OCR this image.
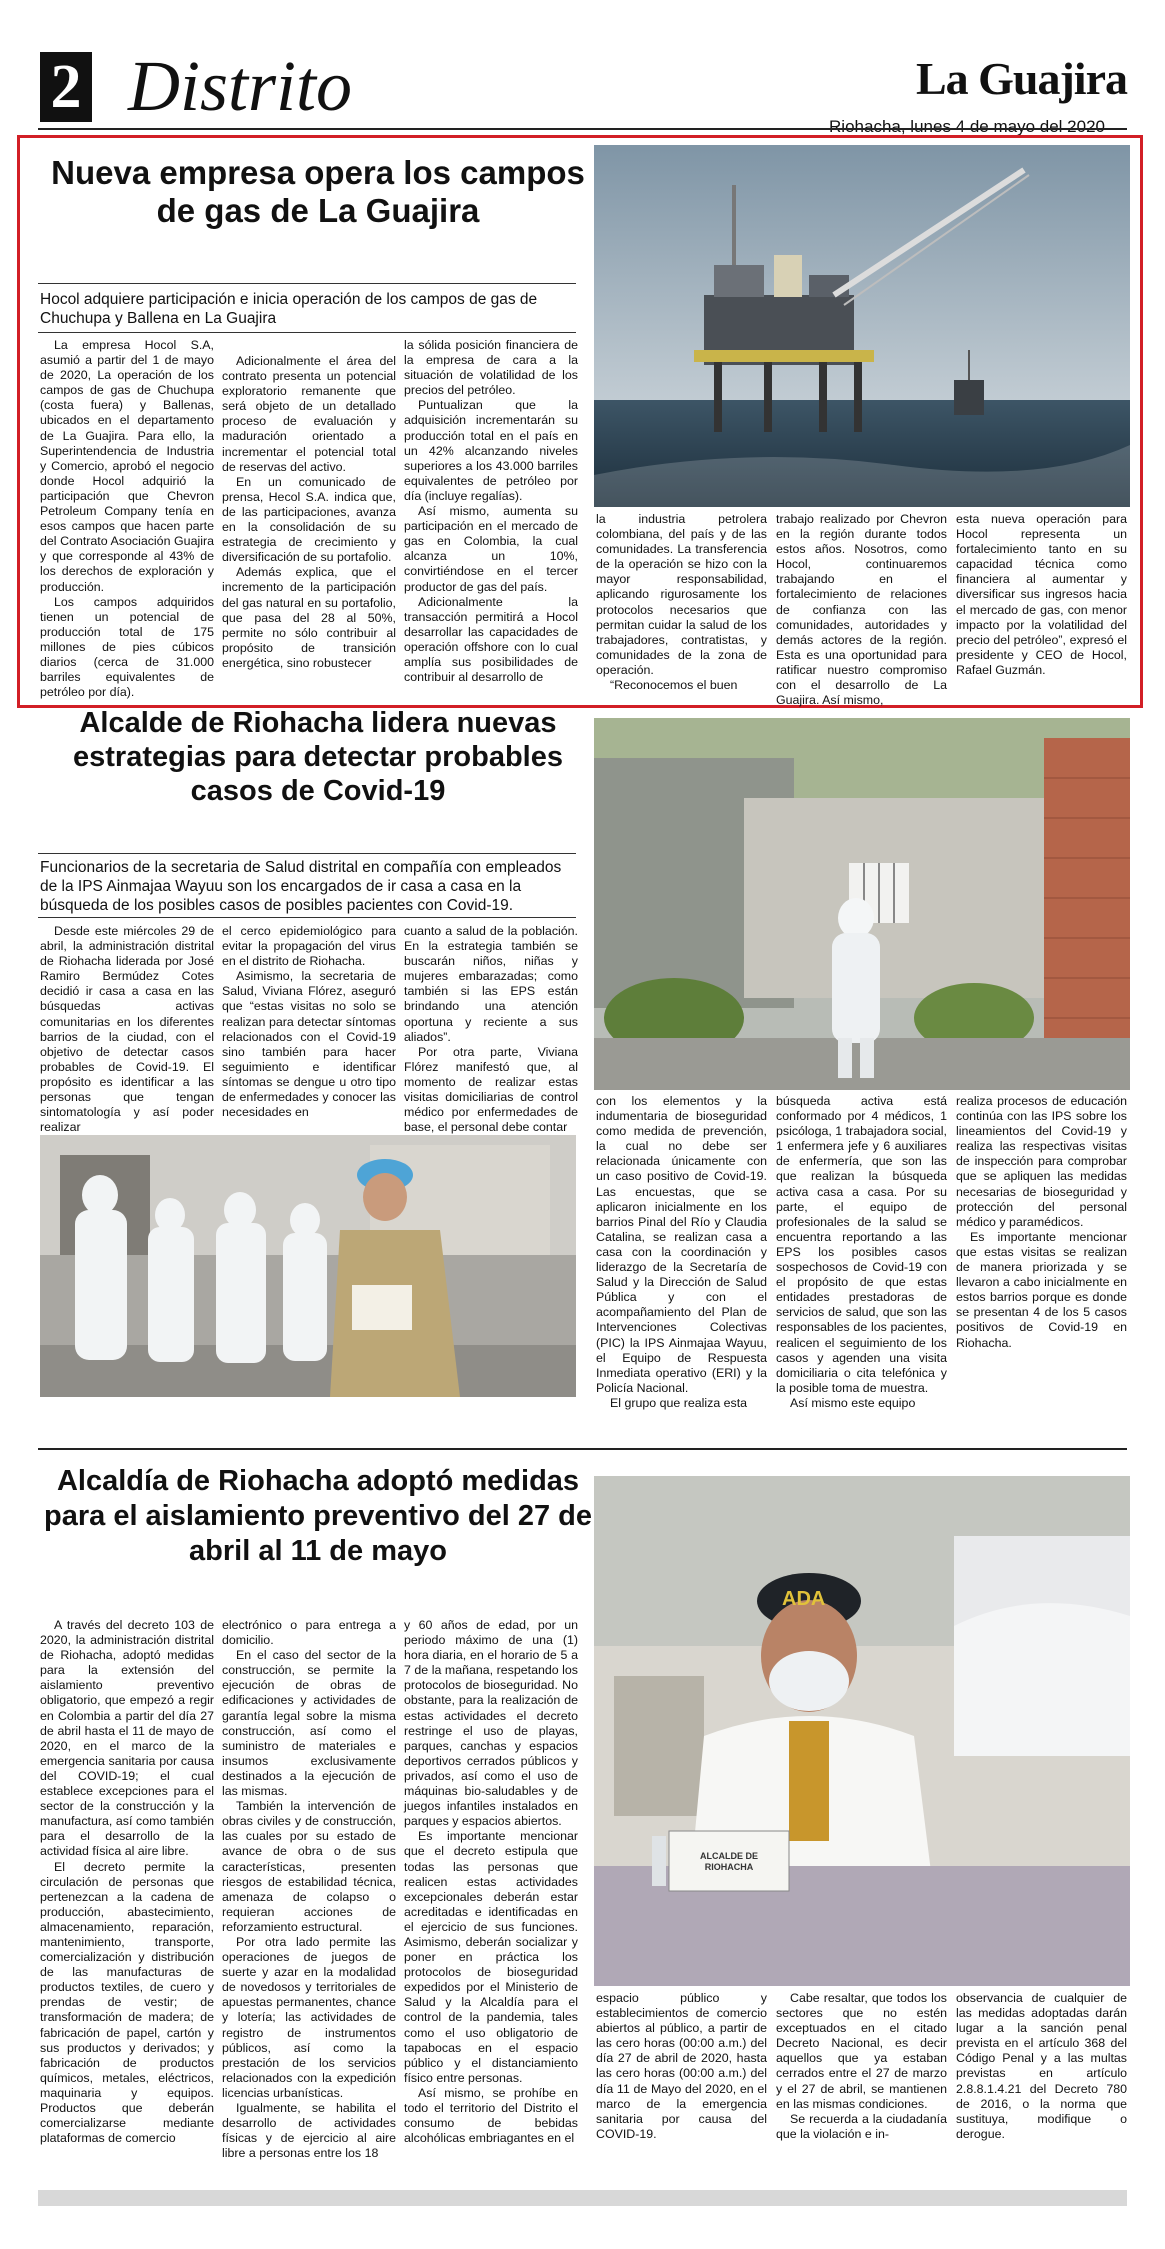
2 Distrito	La Guajira
Riohacha, lunes 4 de mayo del 2020
Nueva empresa opera los campos de gas de La Guajira

Hocol adquiere participación e inicia operación de los campos de gas de Chuchupa y Ballena en La Guajira

La empresa Hocol S.A, asumió a partir del 1 de mayo de 2020, La operación de los campos de gas de Chuchupa (costa fuera) y Ballenas, ubicados en el departamento de La Guajira. Para ello, la Superintendencia de Industria y Comercio, aprobó el negocio donde Hocol adquirió la participación que Chevron Petroleum Company tenía en esos campos que hacen parte del Contrato Asociación Guajira y que corresponde al 43% de los derechos de exploración y producción.

Los campos adquiridos tienen un potencial de producción total de 175 millones de pies cúbicos diarios (cerca de 31.000 barriles equivalentes de petróleo por día).

Adicionalmente el área del contrato presenta un potencial exploratorio remanente que será objeto de un detallado proceso de evaluación y maduración orientado a incrementar el potencial total de reservas del activo.

En un comunicado de prensa, Hecol S.A. indica que, de las participaciones, avanza en la consolidación de su estrategia de crecimiento y diversificación de su portafolio.

Además explica, que el incremento de la participación del gas natural en su portafolio, que pasa del 28 al 50%, permite no sólo contribuir al propósito de transición energética, sino robustecer

la sólida posición financiera de la empresa de cara a la situación de volatilidad de los precios del petróleo.

Puntualizan que la adquisición incrementarán su producción total en el país en un 42% alcanzando niveles superiores a los 43.000 barriles equivalentes de petróleo por día (incluye regalías).

Así mismo, aumenta su participación en el mercado de gas en Colombia, la cual alcanza un 10%, convirtiéndose en el tercer productor de gas del país.

Adicionalmente la transacción permitirá a Hocol desarrollar las capacidades de operación offshore con lo cual amplía sus posibilidades de contribuir al desarrollo de

la industria petrolera colombiana, del país y de las comunidades. La transferencia de la operación se hizo con la mayor responsabilidad, aplicando rigurosamente los protocolos necesarios que permitan cuidar la salud de los trabajadores, contratistas, y comunidades de la zona de operación.

“Reconocemos el buen

trabajo realizado por Chevron en la región durante todos estos años. Nosotros, como Hocol, continuaremos trabajando en el fortalecimiento de relaciones de confianza con las comunidades, autoridades y demás actores de la región. Esta es una oportunidad para ratificar nuestro compromiso con el desarrollo de La Guajira. Así mismo,

esta nueva operación para Hocol representa un fortalecimiento tanto en su capacidad técnica como financiera al aumentar y diversificar sus ingresos hacia el mercado de gas, con menor impacto por la volatilidad del precio del petróleo”, expresó el presidente y CEO de Hocol, Rafael Guzmán.

Alcalde de Riohacha lidera nuevas estrategias para detectar probables casos de Covid-19

Funcionarios de la secretaria de Salud distrital en compañía con empleados de la IPS Ainmajaa Wayuu son los encargados de ir casa a casa en la búsqueda de los posibles casos de posibles pacientes con Covid-19.

Desde este miércoles 29 de abril, la administración distrital de Riohacha liderada por José Ramiro Bermúdez Cotes decidió ir casa a casa en las búsquedas activas comunitarias en los diferentes barrios de la ciudad, con el objetivo de detectar casos probables de Covid-19. El propósito es identificar a las personas que tengan sintomatología y así poder realizar

el cerco epidemiológico para evitar la propagación del virus en el distrito de Riohacha.

Asimismo, la secretaria de Salud, Viviana Flórez, aseguró que “estas visitas no solo se realizan para detectar síntomas relacionados con el Covid-19 sino también para hacer seguimiento e identificar síntomas se dengue u otro tipo de enfermedades y conocer las necesidades en

cuanto a salud de la población. En la estrategia también se buscarán niños, niñas y mujeres embarazadas; como también si las EPS están brindando una atención oportuna y reciente a sus aliados”.

Por otra parte, Viviana Flórez manifestó que, al momento de realizar estas visitas domiciliarias de control médico por enfermedades de base, el personal debe contar

con los elementos y la indumentaria de bioseguridad como medida de prevención, la cual no debe ser relacionada únicamente con un caso positivo de Covid-19. Las encuestas, que se aplicaron inicialmente en los barrios Pinal del Río y Claudia Catalina, se realizan casa a casa con la coordinación y liderazgo de la Secretaría de Salud y la Dirección de Salud Pública y con el acompañamiento del Plan de Intervenciones Colectivas (PIC) la IPS Ainmajaa Wayuu, el Equipo de Respuesta Inmediata operativo (ERI) y la Policía Nacional.

El grupo que realiza esta

búsqueda activa está conformado por 4 médicos, 1 psicóloga, 1 trabajadora social, 1 enfermera jefe y 6 auxiliares de enfermería, que son las que realizan la búsqueda activa casa a casa. Por su parte, el equipo de profesionales de la salud se encuentra reportando a las EPS los posibles casos sospechosos de Covid-19 con el propósito de que estas entidades prestadoras de servicios de salud, que son las responsables de los pacientes, realicen el seguimiento de los casos y agenden una visita domiciliaria o cita telefónica y la posible toma de muestra.

Así mismo este equipo

realiza procesos de educación continúa con las IPS sobre los lineamientos del Covid-19 y realiza las respectivas visitas de inspección para comprobar que se apliquen las medidas necesarias de bioseguridad y protección del personal médico y paramédicos.

Es importante mencionar que estas visitas se realizan de manera priorizada y se llevaron a cabo inicialmente en estos barrios porque es donde se presentan 4 de los 5 casos positivos de Covid-19 en Riohacha.

Alcaldía de Riohacha adoptó medidas para el aislamiento preventivo del 27 de abril al 11 de mayo

A través del decreto 103 de 2020, la administración distrital de Riohacha, adoptó medidas para la extensión del aislamiento preventivo obligatorio, que empezó a regir en Colombia a partir del día 27 de abril hasta el 11 de mayo de 2020, en el marco de la emergencia sanitaria por causa del COVID-19; el cual establece excepciones para el sector de la construcción y la manufactura, así como también para el desarrollo de la actividad física al aire libre.

El decreto permite la circulación de personas que pertenezcan a la cadena de producción, abastecimiento, almacenamiento, reparación, mantenimiento, transporte, comercialización y distribución de las manufacturas de productos textiles, de cuero y prendas de vestir; de transformación de madera; de fabricación de papel, cartón y sus productos y derivados; y fabricación de productos químicos, metales, eléctricos, maquinaria y equipos. Productos que deberán comercializarse mediante plataformas de comercio

electrónico o para entrega a domicilio.

En el caso del sector de la construcción, se permite la ejecución de obras de edificaciones y actividades de garantía legal sobre la misma construcción, así como el suministro de materiales e insumos exclusivamente destinados a la ejecución de las mismas.

También la intervención de obras civiles y de construcción, las cuales por su estado de avance de obra o de sus características, presenten riesgos de estabilidad técnica, amenaza de colapso o requieran acciones de reforzamiento estructural.

Por otra lado permite las operaciones de juegos de suerte y azar en la modalidad de novedosos y territoriales de apuestas permanentes, chance y lotería; las actividades de registro de instrumentos públicos, así como la prestación de los servicios relacionados con la expedición licencias urbanísticas.

Igualmente, se habilita el desarrollo de actividades físicas y de ejercicio al aire libre a personas entre los 18

y 60 años de edad, por un periodo máximo de una (1) hora diaria, en el horario de 5 a 7 de la mañana, respetando los protocolos de bioseguridad. No obstante, para la realización de estas actividades el decreto restringe el uso de playas, parques, canchas y espacios deportivos cerrados públicos y privados, así como el uso de máquinas bio-saludables y de juegos infantiles instalados en parques y espacios abiertos.

Es importante mencionar que el decreto estipula que todas las personas que realicen estas actividades excepcionales deberán estar acreditadas e identificadas en el ejercicio de sus funciones. Asimismo, deberán socializar y poner en práctica los protocolos de bioseguridad expedidos por el Ministerio de Salud y la Alcaldía para el control de la pandemia, tales como el uso obligatorio de tapabocas en el espacio público y el distanciamiento físico entre personas.

Así mismo, se prohíbe en todo el territorio del Distrito el consumo de bebidas alcohólicas embriagantes en el

ALCALDE DE RIOHACHA
ADA

espacio público y establecimientos de comercio abiertos al público, a partir de las cero horas (00:00 a.m.) del día 27 de abril de 2020, hasta las cero horas (00:00 a.m.) del día 11 de Mayo del 2020, en el marco de la emergencia sanitaria por causa del COVID-19.

Cabe resaltar, que todos los sectores que no estén exceptuados en el citado Decreto Nacional, es decir aquellos que ya estaban cerrados entre el 27 de marzo y el 27 de abril, se mantienen en las mismas condiciones.

Se recuerda a la ciudadanía que la violación e in-

observancia de cualquier de las medidas adoptadas darán lugar a la sanción penal prevista en el artículo 368 del Código Penal y a las multas previstas en artículo 2.8.8.1.4.21 del Decreto 780 de 2016, o la norma que sustituya, modifique o derogue.
